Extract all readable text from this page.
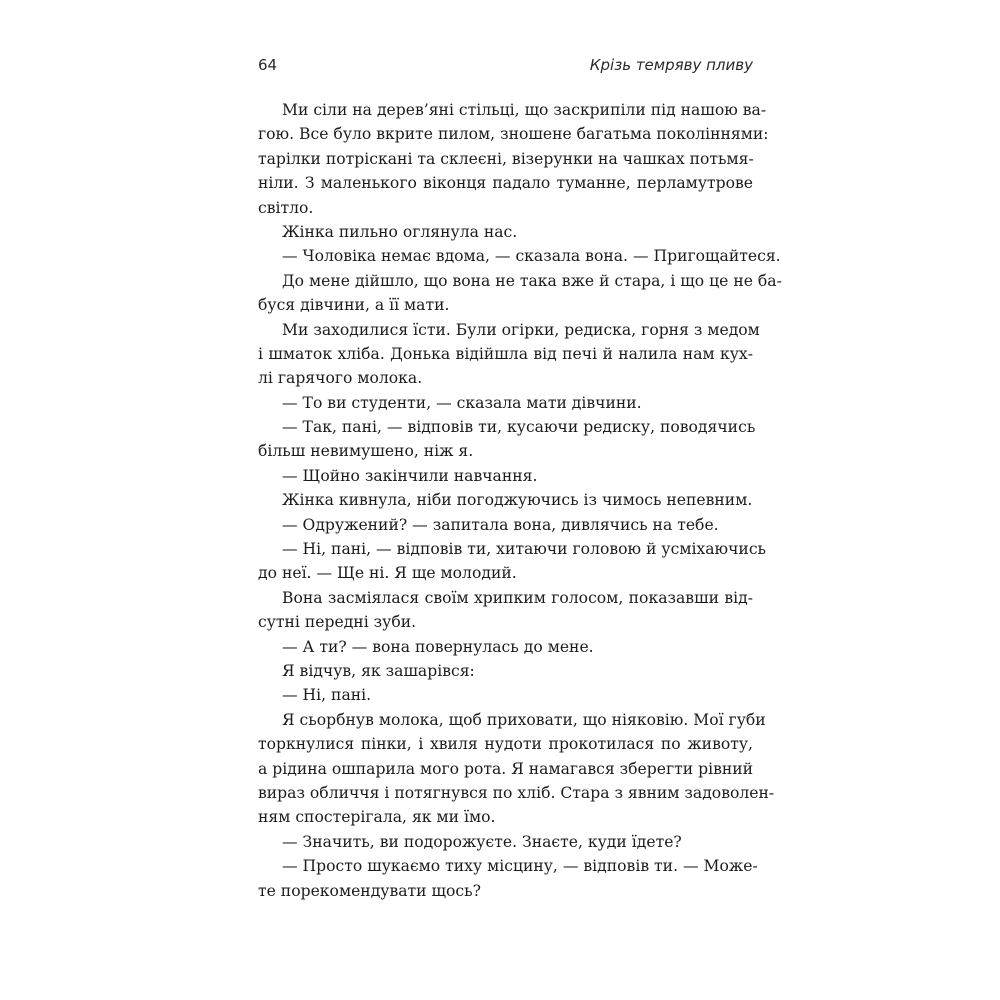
64	Крізь темряву пливу
Ми сіли на дерев’яні стільці, що заскрипіли під нашою ва-
гою. Все було вкрите пилом, зношене багатьма поколіннями:
тарілки потріскані та склеєні, візерунки на чашках потьмя-
ніли. З маленького віконця падало туманне, перламутрове
світло.
Жінка пильно оглянула нас.
— Чоловіка немає вдома, — сказала вона. — Пригощайтеся.
До мене дійшло, що вона не така вже й стара, і що це не ба-
буся дівчини, а її мати.
Ми заходилися їсти. Були огірки, редиска, горня з медом
і шматок хліба. Донька відійшла від печі й налила нам кух-
лі гарячого молока.
— То ви студенти, — сказала мати дівчини.
— Так, пані, — відповів ти, кусаючи редиску, поводячись
більш невимушено, ніж я.
— Щойно закінчили навчання.
Жінка кивнула, ніби погоджуючись із чимось непевним.
— Одружений? — запитала вона, дивлячись на тебе.
— Ні, пані, — відповів ти, хитаючи головою й усміхаючись
до неї. — Ще ні. Я ще молодий.
Вона засміялася своїм хрипким голосом, показавши від-
сутні передні зуби.
— А ти? — вона повернулась до мене.
Я відчув, як зашарівся:
— Ні, пані.
Я сьорбнув молока, щоб приховати, що ніяковію. Мої губи
торкнулися пінки, і хвиля нудоти прокотилася по животу,
а рідина ошпарила мого рота. Я намагався зберегти рівний
вираз обличчя і потягнувся по хліб. Стара з явним задоволен-
ням спостерігала, як ми їмо.
— Значить, ви подорожуєте. Знаєте, куди їдете?
— Просто шукаємо тиху місцину, — відповів ти. — Може-
те порекомендувати щось?
